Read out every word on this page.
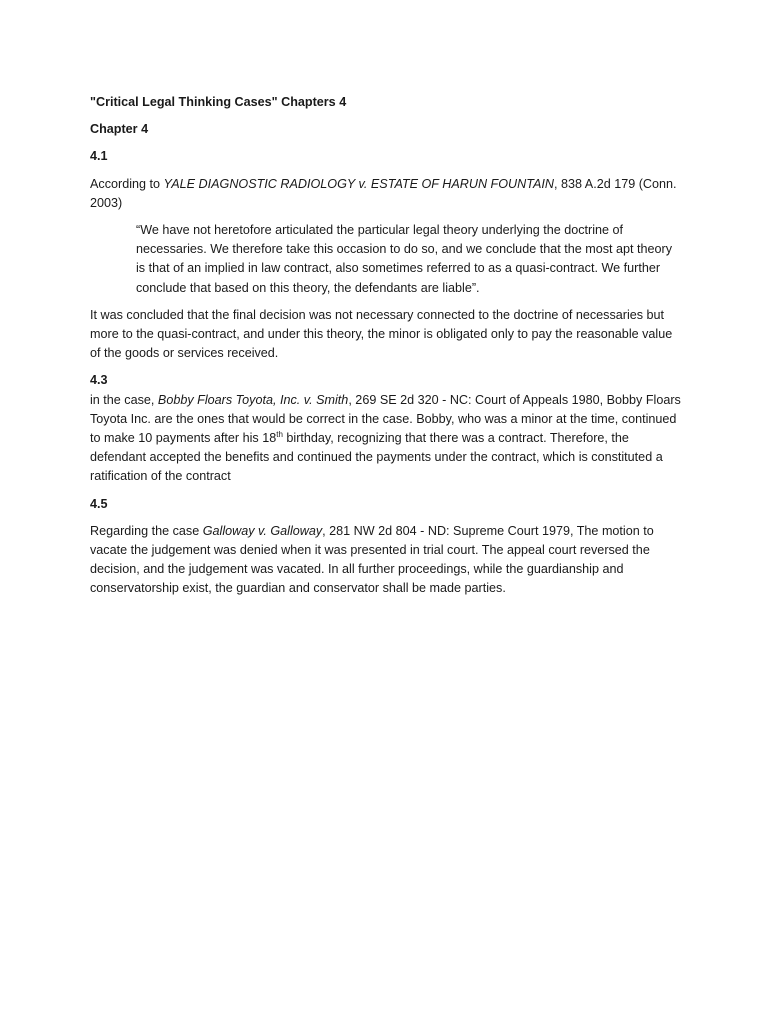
"Critical Legal Thinking Cases" Chapters 4

Chapter 4

4.1

According to YALE DIAGNOSTIC RADIOLOGY v. ESTATE OF HARUN FOUNTAIN, 838 A.2d 179 (Conn. 2003)

“We have not heretofore articulated the particular legal theory underlying the doctrine of necessaries. We therefore take this occasion to do so, and we conclude that the most apt theory is that of an implied in law contract, also sometimes referred to as a quasi-contract. We further conclude that based on this theory, the defendants are liable”.

It was concluded that the final decision was not necessary connected to the doctrine of necessaries but more to the quasi-contract, and under this theory, the minor is obligated only to pay the reasonable value of the goods or services received.

4.3

in the case, Bobby Floars Toyota, Inc. v. Smith, 269 SE 2d 320 - NC: Court of Appeals 1980, Bobby Floars Toyota Inc. are the ones that would be correct in the case. Bobby, who was a minor at the time, continued to make 10 payments after his 18th birthday, recognizing that there was a contract. Therefore, the defendant accepted the benefits and continued the payments under the contract, which is constituted a ratification of the contract

4.5

Regarding the case Galloway v. Galloway, 281 NW 2d 804 - ND: Supreme Court 1979, The motion to vacate the judgement was denied when it was presented in trial court. The appeal court reversed the decision, and the judgement was vacated. In all further proceedings, while the guardianship and conservatorship exist, the guardian and conservator shall be made parties.
